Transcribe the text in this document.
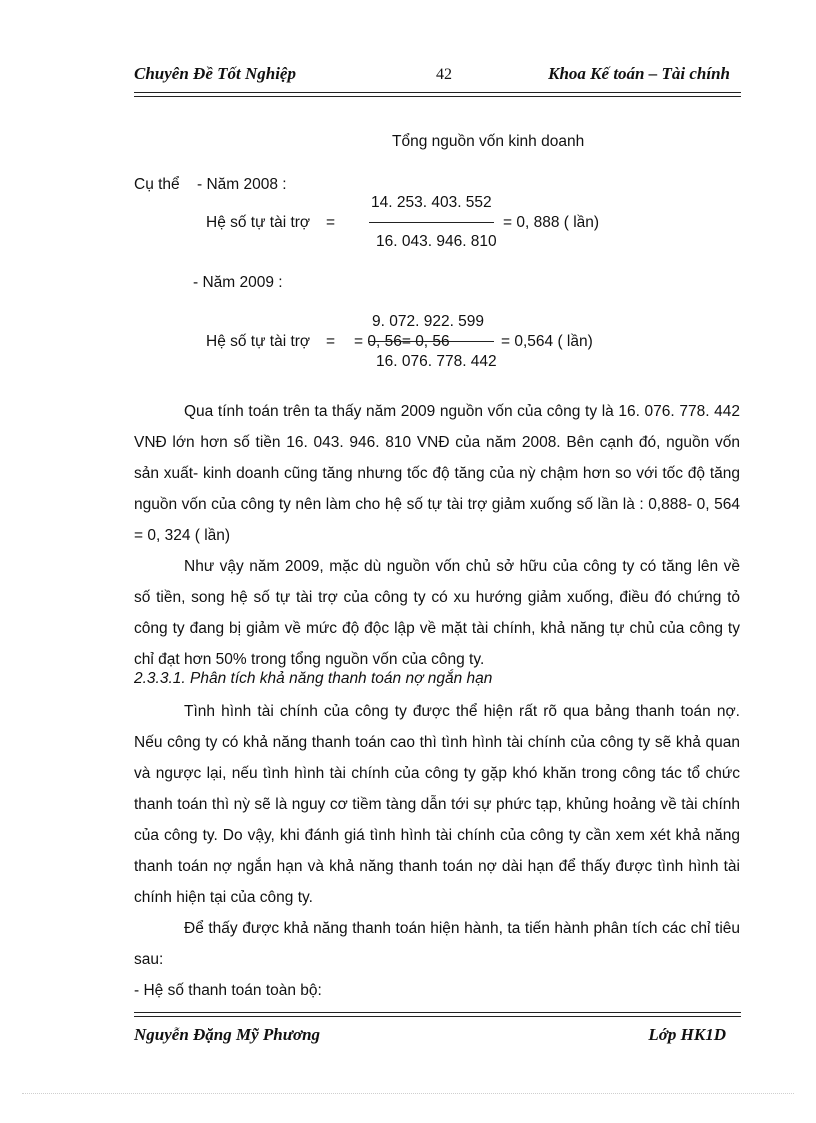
Chuyên Đề Tốt Nghiệp	42	Khoa Kế toán – Tài chính
Tổng nguồn vốn kinh doanh
Cụ thể - Năm 2008 :
14. 253. 403. 552
Hệ số tự tài trợ =	= 0, 888 ( lần)
16. 043. 946. 810
- Năm 2009 :
9. 072. 922. 599
Hệ số tự tài trợ = = 0, 56= 0, 56	= 0,564 ( lần)
16. 076. 778. 442

Qua tính toán trên ta thấy năm 2009 nguồn vốn của công ty là 16. 076. 778. 442 VNĐ lớn hơn số tiền 16. 043. 946. 810 VNĐ của năm 2008. Bên cạnh đó, nguồn vốn sản xuất- kinh doanh cũng tăng nhưng tốc độ tăng của nỳ chậm hơn so với tốc độ tăng nguồn vốn của công ty nên làm cho hệ số tự tài trợ giảm xuống số lần là : 0,888- 0, 564 = 0, 324 ( lần)

Như vậy năm 2009, mặc dù nguồn vốn chủ sở hữu của công ty có tăng lên về số tiền, song hệ số tự tài trợ của công ty có xu hướng giảm xuống, điều đó chứng tỏ công ty đang bị giảm về mức độ độc lập về mặt tài chính, khả năng tự chủ của công ty chỉ đạt hơn 50% trong tổng nguồn vốn của công ty.

2.3.3.1. Phân tích khả năng thanh toán nợ ngắn hạn

Tình hình tài chính của công ty được thể hiện rất rõ qua bảng thanh toán nợ. Nếu công ty có khả năng thanh toán cao thì tình hình tài chính của công ty sẽ khả quan và ngược lại, nếu tình hình tài chính của công ty gặp khó khăn trong công tác tổ chức thanh toán thì nỳ sẽ là nguy cơ tiềm tàng dẫn tới sự phức tạp, khủng hoảng về tài chính của công ty. Do vậy, khi đánh giá tình hình tài chính của công ty cần xem xét khả năng thanh toán nợ ngắn hạn và khả năng thanh toán nợ dài hạn để thấy được tình hình tài chính hiện tại của công ty.

Để thấy được khả năng thanh toán hiện hành, ta tiến hành phân tích các chỉ tiêu sau:

- Hệ số thanh toán toàn bộ:

Nguyễn Đặng Mỹ Phương	Lớp HK1D
